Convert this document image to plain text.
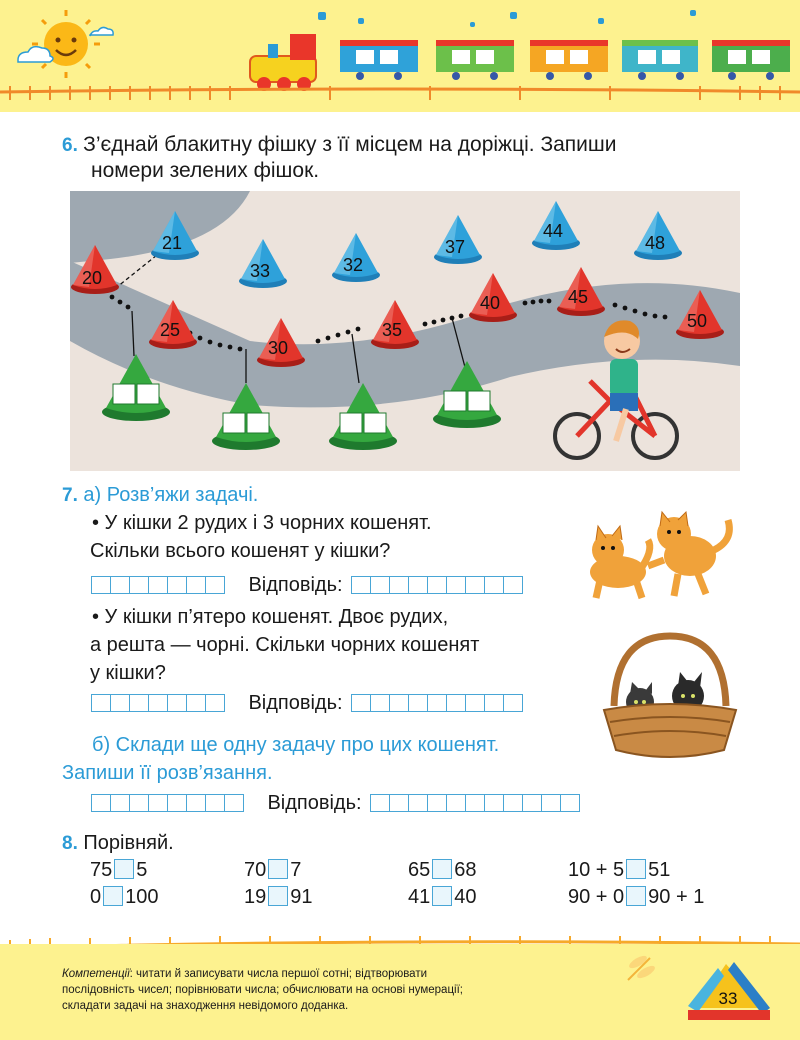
6. З’єднай блакитну фішку з її місцем на доріжці. Запиши
номери зелених фішок.
21
33	32
37
44
48
20
25
30
35
40	45
50
7. а) Розв’яжи задачі.
• У кішки 2 рудих і 3 чорних кошенят.
Скільки всього кошенят у кішки?
Відповідь:
• У кішки п’ятеро кошенят. Двоє рудих,
а решта — чорні. Скільки чорних кошенят
у кішки?
Відповідь:
б) Склади ще одну задачу про цих кошенят.
Запиши її розв’язання.
Відповідь:
8. Порівняй.
75 5	70 7	65 68	10 + 5 51
0 100	19 91	41 40	90 + 0 90 + 1
Компетенції: читати й записувати числа першої сотні; відтворювати
послідовність чисел; порівнювати числа; обчислювати на основі нумерації;
складати задачі на знаходження невідомого доданка.	33
